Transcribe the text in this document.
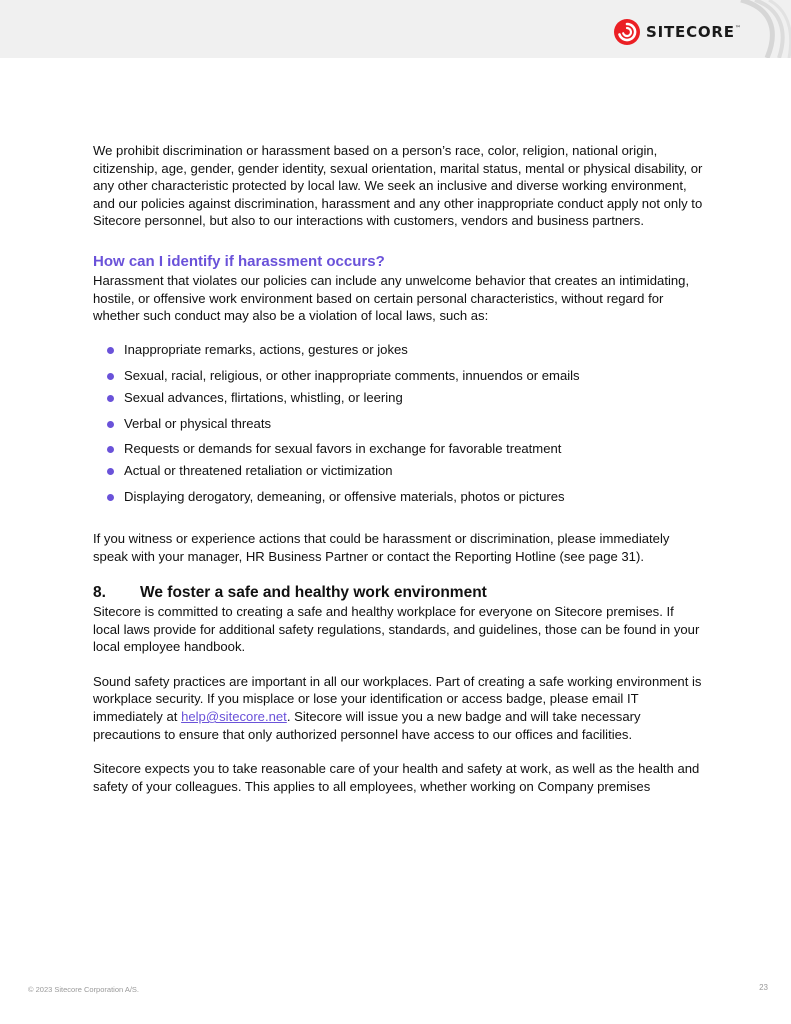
SITECORE™

We prohibit discrimination or harassment based on a person’s race, color, religion, national origin, citizenship, age, gender, gender identity, sexual orientation, marital status, mental or physical disability, or any other characteristic protected by local law. We seek an inclusive and diverse working environment, and our policies against discrimination, harassment and any other inappropriate conduct apply not only to Sitecore personnel, but also to our interactions with customers, vendors and business partners.

How can I identify if harassment occurs?

Harassment that violates our policies can include any unwelcome behavior that creates an intimidating, hostile, or offensive work environment based on certain personal characteristics, without regard for whether such conduct may also be a violation of local laws, such as:

Inappropriate remarks, actions, gestures or jokes
Sexual, racial, religious, or other inappropriate comments, innuendos or emails
Sexual advances, flirtations, whistling, or leering
Verbal or physical threats
Requests or demands for sexual favors in exchange for favorable treatment
Actual or threatened retaliation or victimization
Displaying derogatory, demeaning, or offensive materials, photos or pictures

If you witness or experience actions that could be harassment or discrimination, please immediately speak with your manager, HR Business Partner or contact the Reporting Hotline (see page 31).

8.	We foster a safe and healthy work environment

Sitecore is committed to creating a safe and healthy workplace for everyone on Sitecore premises. If local laws provide for additional safety regulations, standards, and guidelines, those can be found in your local employee handbook.

Sound safety practices are important in all our workplaces. Part of creating a safe working environment is workplace security. If you misplace or lose your identification or access badge, please email IT immediately at help@sitecore.net. Sitecore will issue you a new badge and will take necessary precautions to ensure that only authorized personnel have access to our offices and facilities.

Sitecore expects you to take reasonable care of your health and safety at work, as well as the health and safety of your colleagues. This applies to all employees, whether working on Company premises

© 2023 Sitecore Corporation A/S.	23
